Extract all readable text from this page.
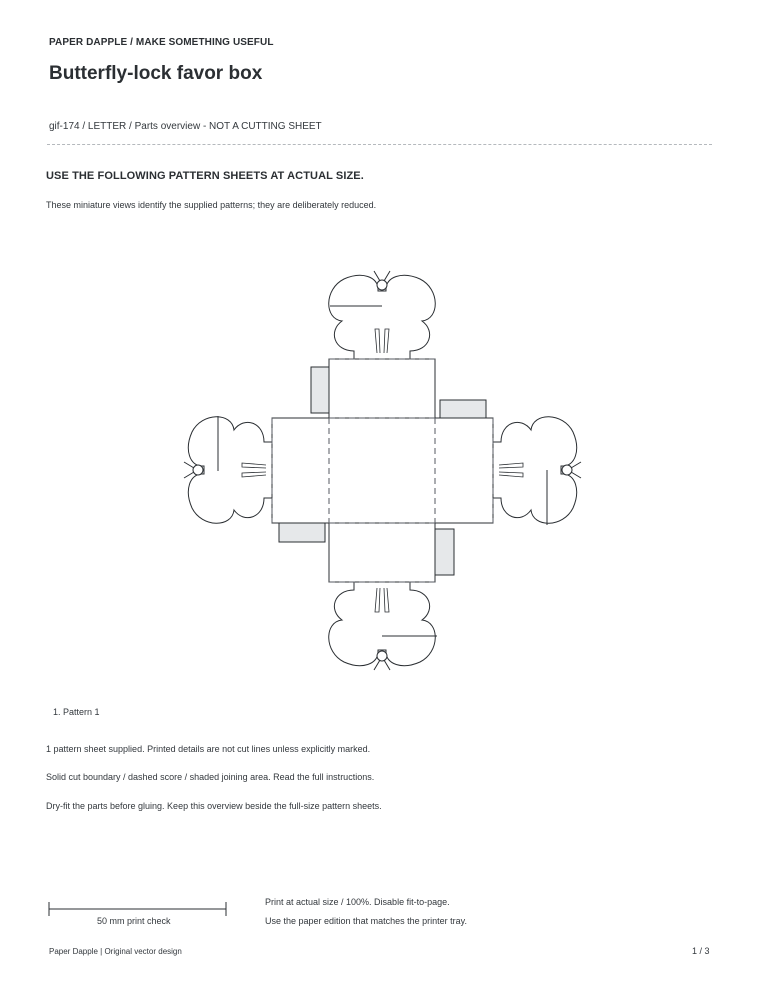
PAPER DAPPLE / MAKE SOMETHING USEFUL
Butterfly-lock favor box
gif-174 / LETTER / Parts overview - NOT A CUTTING SHEET
USE THE FOLLOWING PATTERN SHEETS AT ACTUAL SIZE.
These miniature views identify the supplied patterns; they are deliberately reduced.
1. Pattern 1
1 pattern sheet supplied. Printed details are not cut lines unless explicitly marked.
Solid cut boundary / dashed score / shaded joining area. Read the full instructions.
Dry-fit the parts before gluing. Keep this overview beside the full-size pattern sheets.
50 mm print check
Print at actual size / 100%. Disable fit-to-page.
Use the paper edition that matches the printer tray.
Paper Dapple | Original vector design	1 / 3
